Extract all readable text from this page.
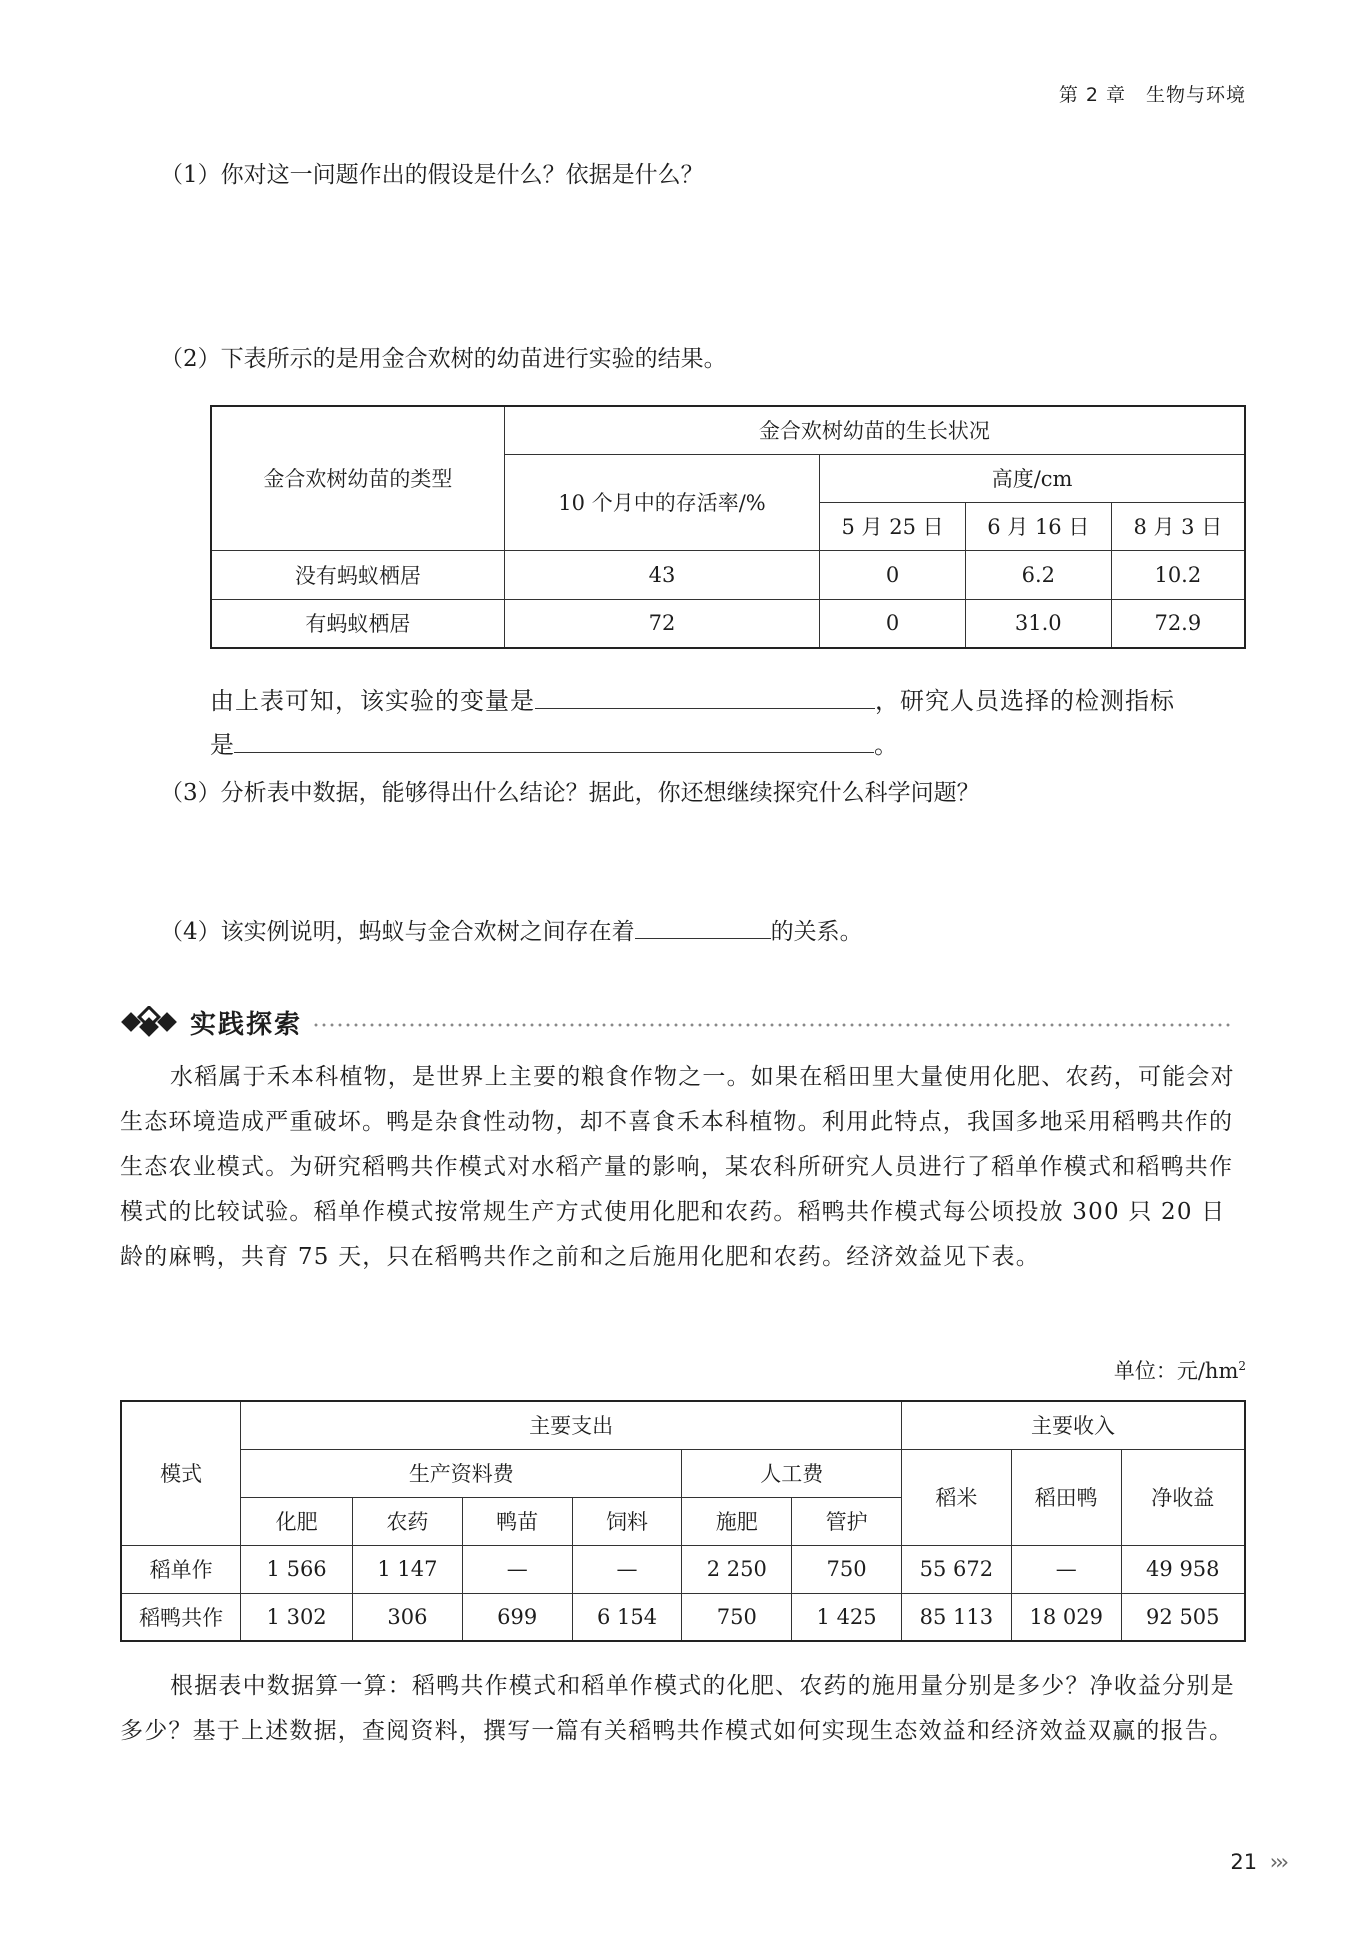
第 2 章　生物与环境
（1）你对这一问题作出的假设是什么？依据是什么？
（2）下表所示的是用金合欢树的幼苗进行实验的结果。
金合欢树幼苗的类型	金合欢树幼苗的生长状况			
	10 个月中的存活率/%	高度/cm		
		5 月 25 日	6 月 16 日	8 月 3 日
没有蚂蚁栖居	43	0	6.2	10.2
有蚂蚁栖居	72	0	31.0	72.9
由上表可知，该实验的变量是	，研究人员选择的检测指标
是	。
（3）分析表中数据，能够得出什么结论？据此，你还想继续探究什么科学问题？
（4）该实例说明，蚂蚁与金合欢树之间存在着	的关系。
实践探索
水稻属于禾本科植物，是世界上主要的粮食作物之一。如果在稻田里大量使用化肥、农药，可能会对生态环境造成严重破坏。鸭是杂食性动物，却不喜食禾本科植物。利用此特点，我国多地采用稻鸭共作的生态农业模式。为研究稻鸭共作模式对水稻产量的影响，某农科所研究人员进行了稻单作模式和稻鸭共作模式的比较试验。稻单作模式按常规生产方式使用化肥和农药。稻鸭共作模式每公顷投放 300 只 20 日龄的麻鸭，共育 75 天，只在稻鸭共作之前和之后施用化肥和农药。经济效益见下表。
单位：元$/hm^2$
模式	主要支出						主要收入		
	生产资料费				人工费		稻米	稻田鸭	净收益
	化肥	农药	鸭苗	饲料	施肥	管护			
稻单作	1 566	1 147	—	—	2 250	750	55 672	—	49 958
稻鸭共作	1 302	306	699	6 154	750	1 425	85 113	18 029	92 505
根据表中数据算一算：稻鸭共作模式和稻单作模式的化肥、农药的施用量分别是多少？净收益分别是多少？基于上述数据，查阅资料，撰写一篇有关稻鸭共作模式如何实现生态效益和经济效益双赢的报告。
21 ›››
